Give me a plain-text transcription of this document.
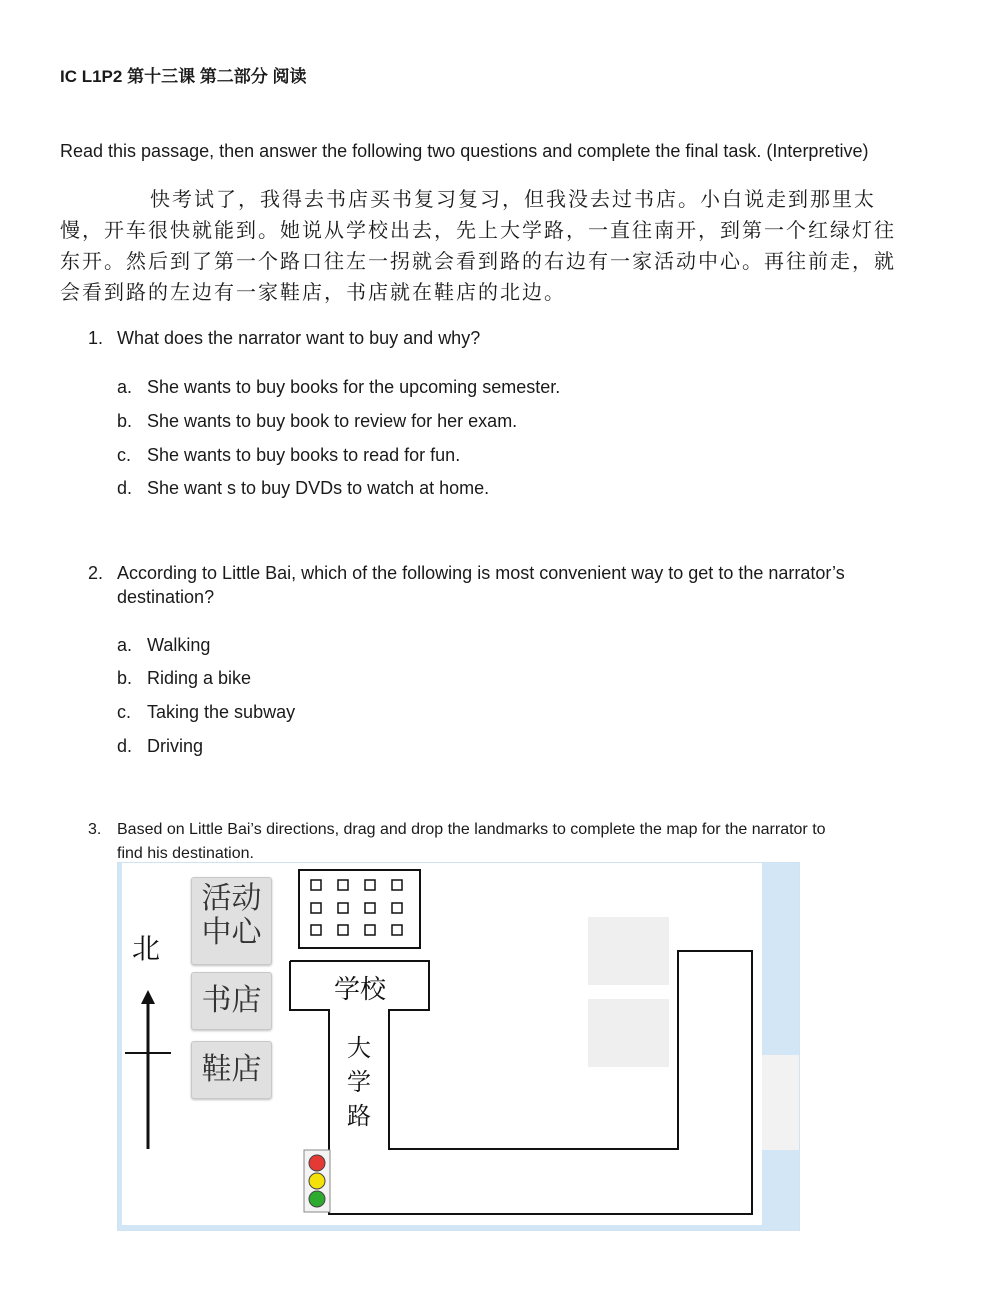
IC L1P2 第十三课 第二部分 阅读
Read this passage, then answer the following two questions and complete the final task. (Interpretive)
快考试了，我得去书店买书复习复习，但我没去过书店。小白说走到那里太
慢，开车很快就能到。她说从学校出去，先上大学路，一直往南开，到第一个红绿灯往
东开。然后到了第一个路口往左一拐就会看到路的右边有一家活动中心。再往前走，就
会看到路的左边有一家鞋店，书店就在鞋店的北边。
1. What does the narrator want to buy and why?
a. She wants to buy books for the upcoming semester.
b. She wants to buy book to review for her exam.
c. She wants to buy books to read for fun.
d. She want s to buy DVDs to watch at home.
2. According to Little Bai, which of the following is most convenient way to get to the narrator’s
destination?
a. Walking
b. Riding a bike
c. Taking the subway
d. Driving
3. Based on Little Bai’s directions, drag and drop the landmarks to complete the map for the narrator to
find his destination.
北
活动
中心
书店
鞋店
学校
大
学
路
